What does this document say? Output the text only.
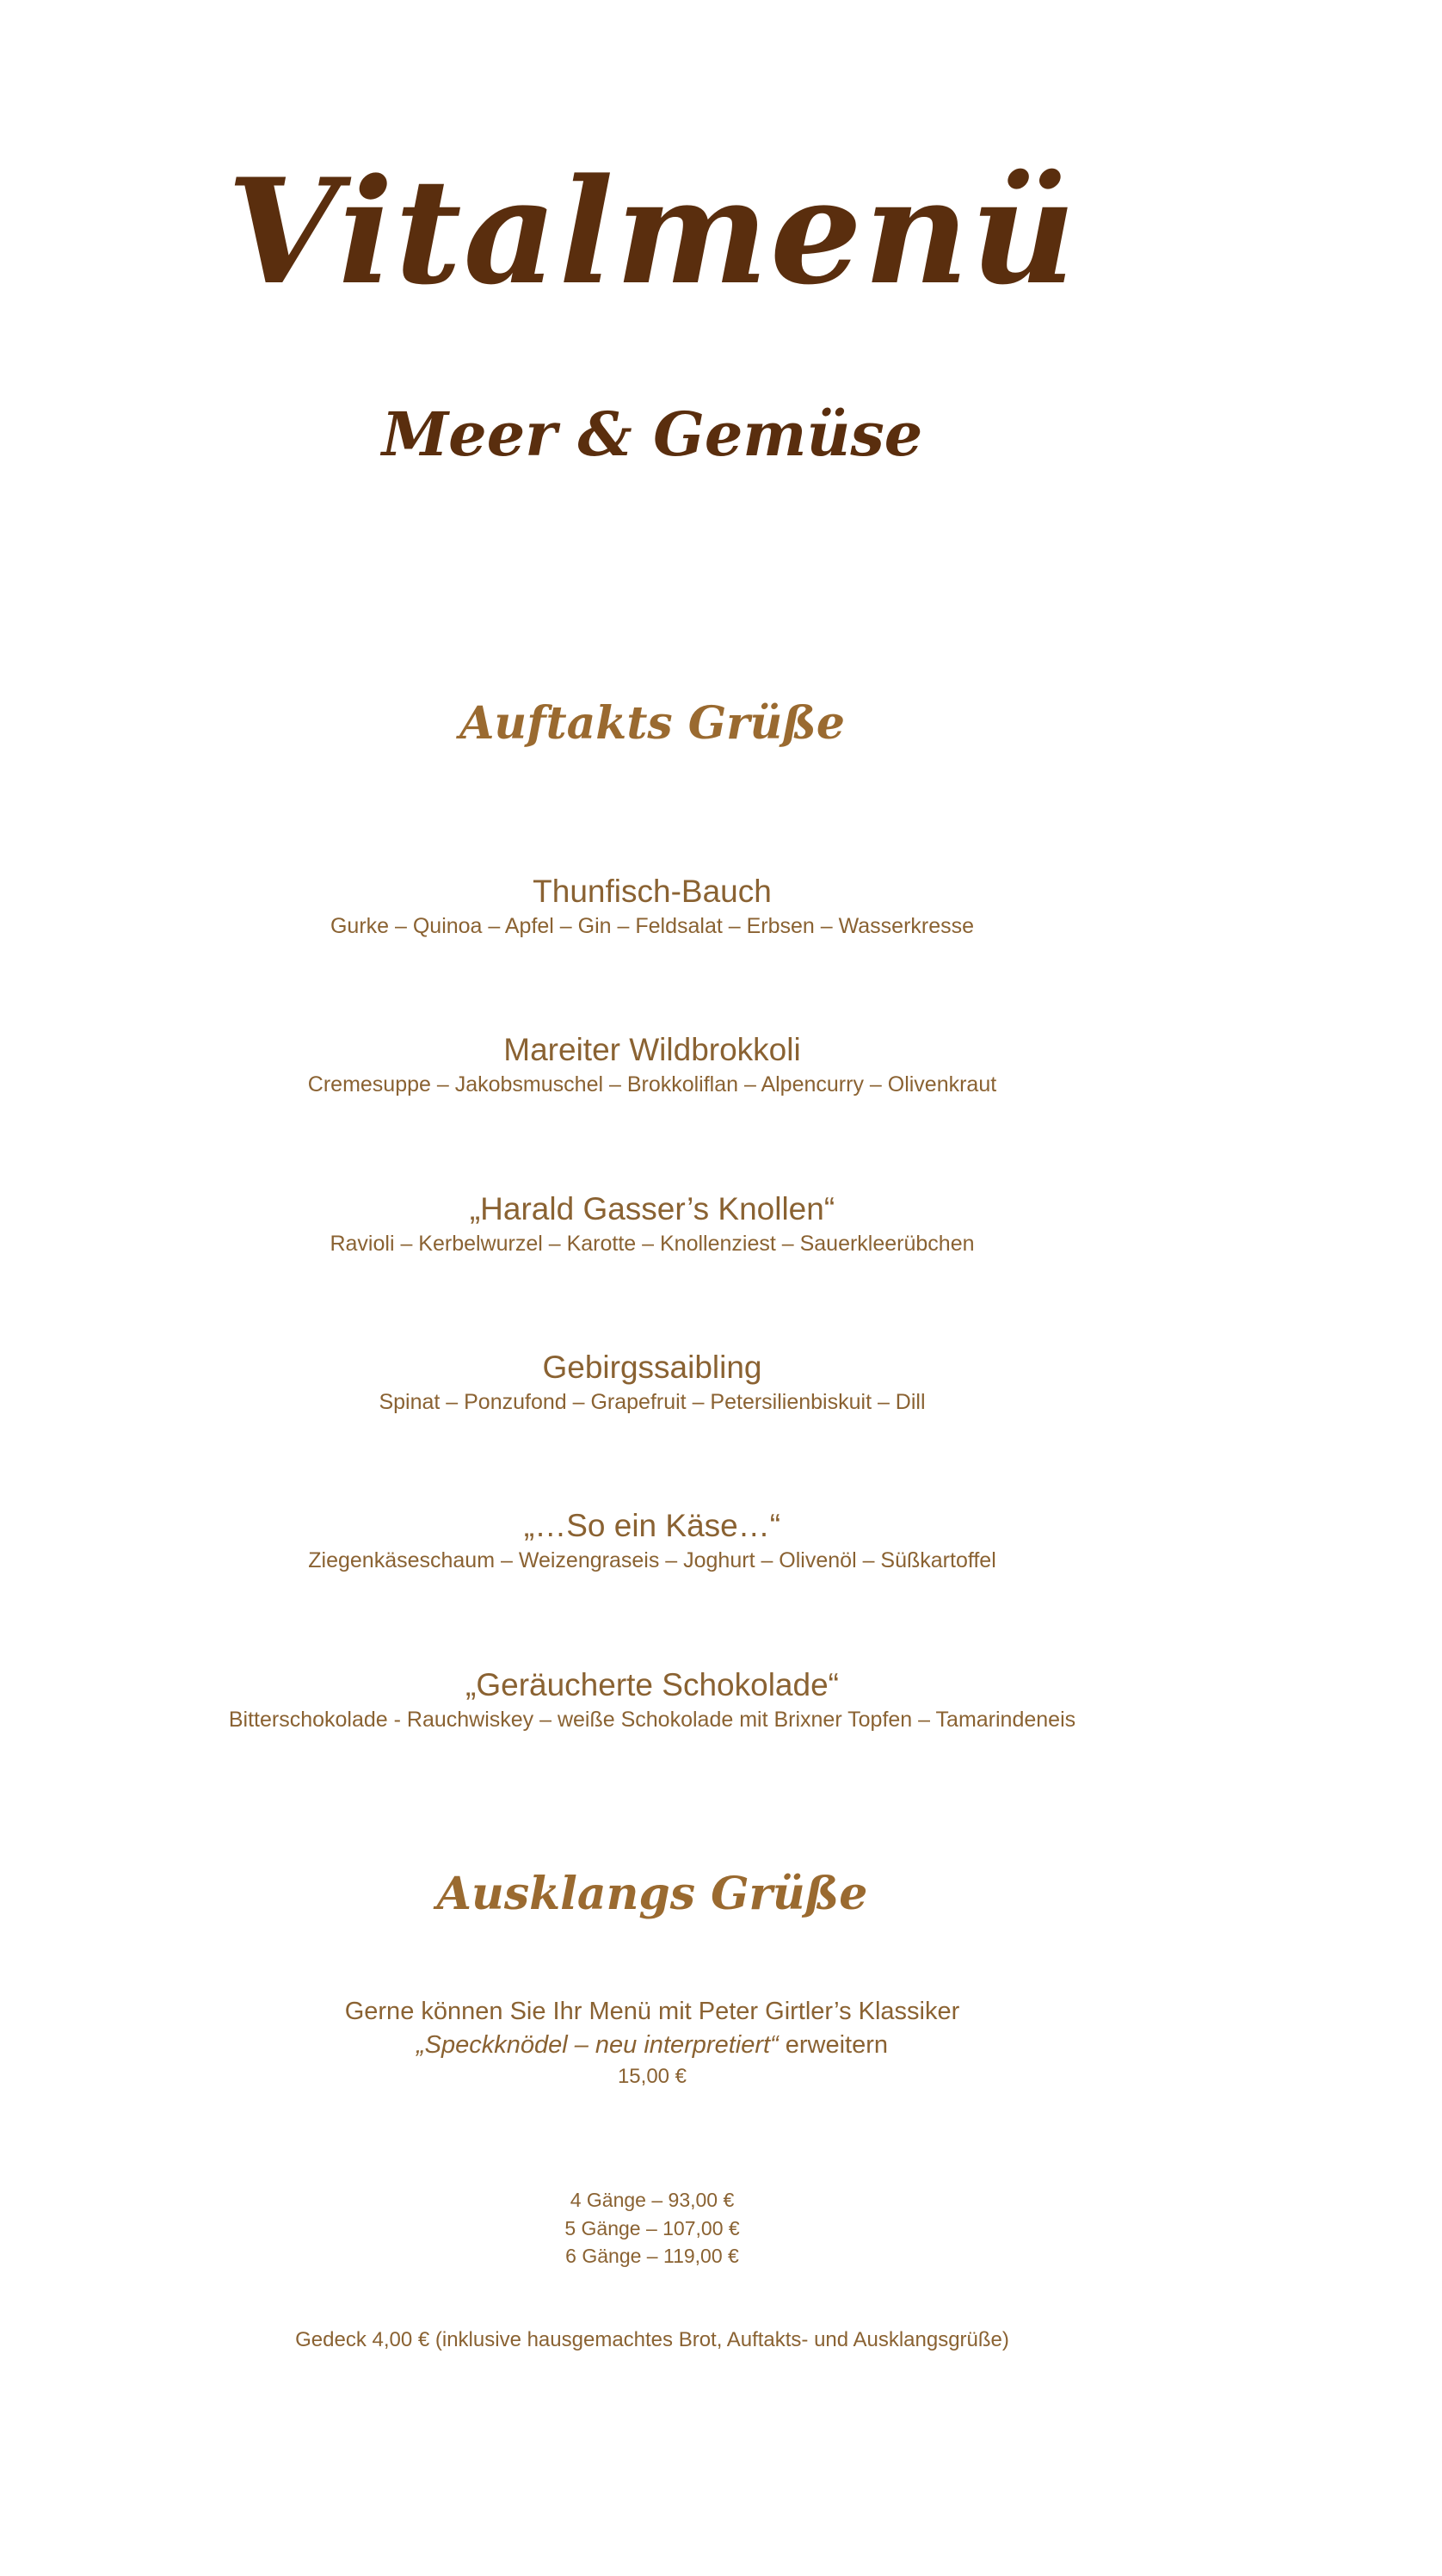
Vitalmenü
Meer & Gemüse
Auftakts Grüße
Thunfisch-Bauch
Gurke – Quinoa – Apfel – Gin – Feldsalat – Erbsen – Wasserkresse
Mareiter Wildbrokkoli
Cremesuppe – Jakobsmuschel – Brokkoliflan – Alpencurry – Olivenkraut
„Harald Gasser’s Knollen“
Ravioli – Kerbelwurzel – Karotte – Knollenziest – Sauerkleerübchen
Gebirgssaibling
Spinat – Ponzufond – Grapefruit – Petersilienbiskuit – Dill
„…So ein Käse…“
Ziegenkäseschaum – Weizengraseis – Joghurt – Olivenöl – Süßkartoffel
„Geräucherte Schokolade“
Bitterschokolade - Rauchwiskey – weiße Schokolade mit Brixner Topfen – Tamarindeneis
Ausklangs Grüße
Gerne können Sie Ihr Menü mit Peter Girtler’s Klassiker
„Speckknödel – neu interpretiert“ erweitern
15,00 €
4 Gänge – 93,00 €
5 Gänge – 107,00 €
6 Gänge – 119,00 €
Gedeck 4,00 € (inklusive hausgemachtes Brot, Auftakts- und Ausklangsgrüße)
